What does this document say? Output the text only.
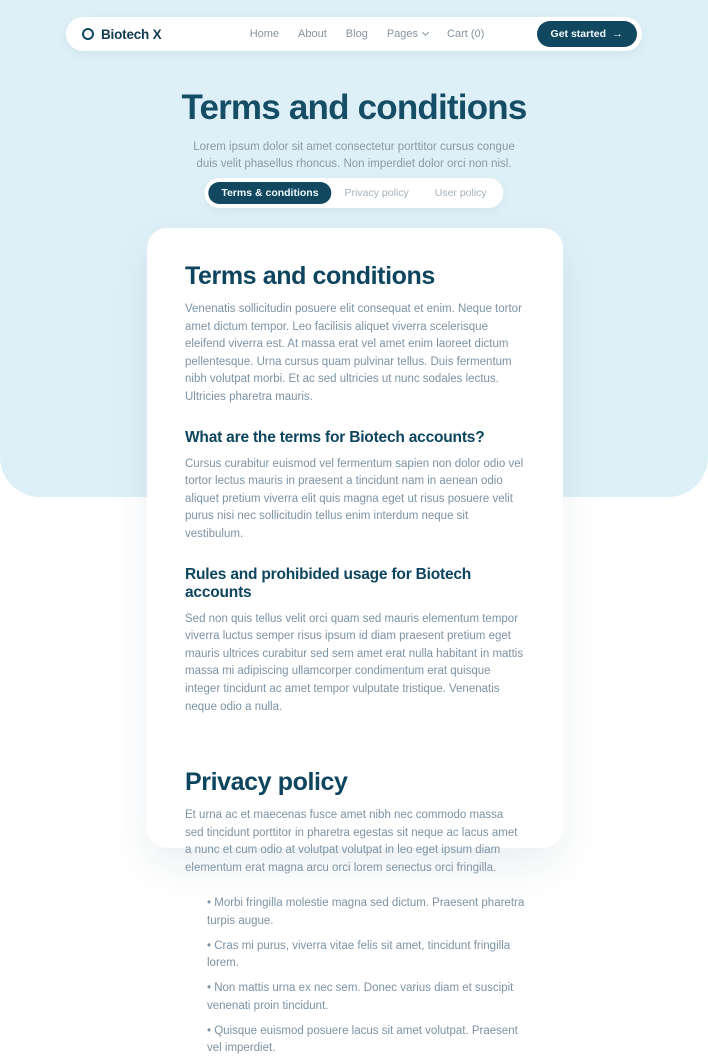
Biotech X	Home About Blog Pages	Cart (0)	Get started →
Terms and conditions

Lorem ipsum dolor sit amet consectetur porttitor cursus congue duis velit phasellus rhoncus. Non imperdiet dolor orci non nisl.

Terms & conditions	Privacy policy	User policy
Terms and conditions

Venenatis sollicitudin posuere elit consequat et enim. Neque tortor amet dictum tempor. Leo facilisis aliquet viverra scelerisque eleifend viverra est. At massa erat vel amet enim laoreet dictum pellentesque. Urna cursus quam pulvinar tellus. Duis fermentum nibh volutpat morbi. Et ac sed ultricies ut nunc sodales lectus. Ultricies pharetra mauris.

What are the terms for Biotech accounts?

Cursus curabitur euismod vel fermentum sapien non dolor odio vel tortor lectus mauris in praesent a tincidunt nam in aenean odio aliquet pretium viverra elit quis magna eget ut risus posuere velit purus nisi nec sollicitudin tellus enim interdum neque sit vestibulum.

Rules and prohibided usage for Biotech accounts

Sed non quis tellus velit orci quam sed mauris elementum tempor viverra luctus semper risus ipsum id diam praesent pretium eget mauris ultrices curabitur sed sem amet erat nulla habitant in mattis massa mi adipiscing ullamcorper condimentum erat quisque integer tincidunt ac amet tempor vulputate tristique. Venenatis neque odio a nulla.

Privacy policy

Et urna ac et maecenas fusce amet nibh nec commodo massa sed tincidunt porttitor in pharetra egestas sit neque ac lacus amet a nunc et cum odio at volutpat volutpat in leo eget ipsum diam elementum erat magna arcu orci lorem senectus orci fringilla.

• Morbi fringilla molestie magna sed dictum. Praesent pharetra turpis augue.
• Cras mi purus, viverra vitae felis sit amet, tincidunt fringilla lorem.
• Non mattis urna ex nec sem. Donec varius diam et suscipit venenati proin tincidunt.
• Quisque euismod posuere lacus sit amet volutpat. Praesent vel imperdiet.
